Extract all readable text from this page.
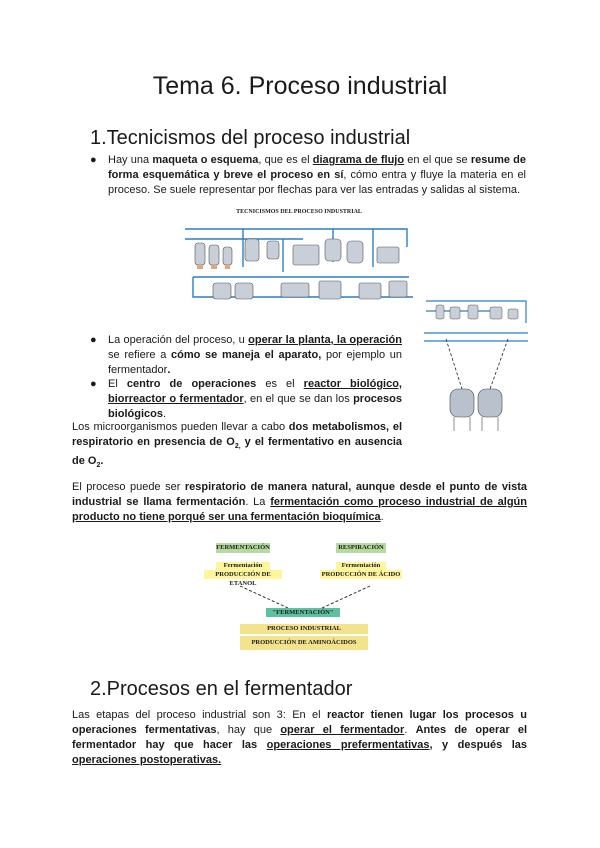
Tema 6. Proceso industrial
1.Tecnicismos del proceso industrial
● Hay una maqueta o esquema, que es el diagrama de flujo en el que se resume de forma esquemática y breve el proceso en sí, cómo entra y fluye la materia en el proceso. Se suele representar por flechas para ver las entradas y salidas al sistema.
TECNICISMOS DEL PROCESO INDUSTRIAL
● La operación del proceso, u operar la planta, la operación se refiere a cómo se maneja el aparato, por ejemplo un fermentador.
● El centro de operaciones es el reactor biológico, biorreactor o fermentador, en el que se dan los procesos biológicos.
Los microorganismos pueden llevar a cabo dos metabolismos, el respiratorio en presencia de $O_{2,}$ y el fermentativo en ausencia de $O_2$.
El proceso puede ser respiratorio de manera natural, aunque desde el punto de vista industrial se llama fermentación. La fermentación como proceso industrial de algún producto no tiene porqué ser una fermentación bioquímica.
FERMENTACIÓN
Fermentación
PRODUCCIÓN DE ETANOL
RESPIRACIÓN
Fermentación
PRODUCCIÓN DE ÁCIDO
"FERMENTACIÓN"
PROCESO INDUSTRIAL
PRODUCCIÓN DE AMINOÁCIDOS
2.Procesos en el fermentador
Las etapas del proceso industrial son 3: En el reactor tienen lugar los procesos u operaciones fermentativas, hay que operar el fermentador. Antes de operar el fermentador hay que hacer las operaciones prefermentativas, y después las operaciones postoperativas.
